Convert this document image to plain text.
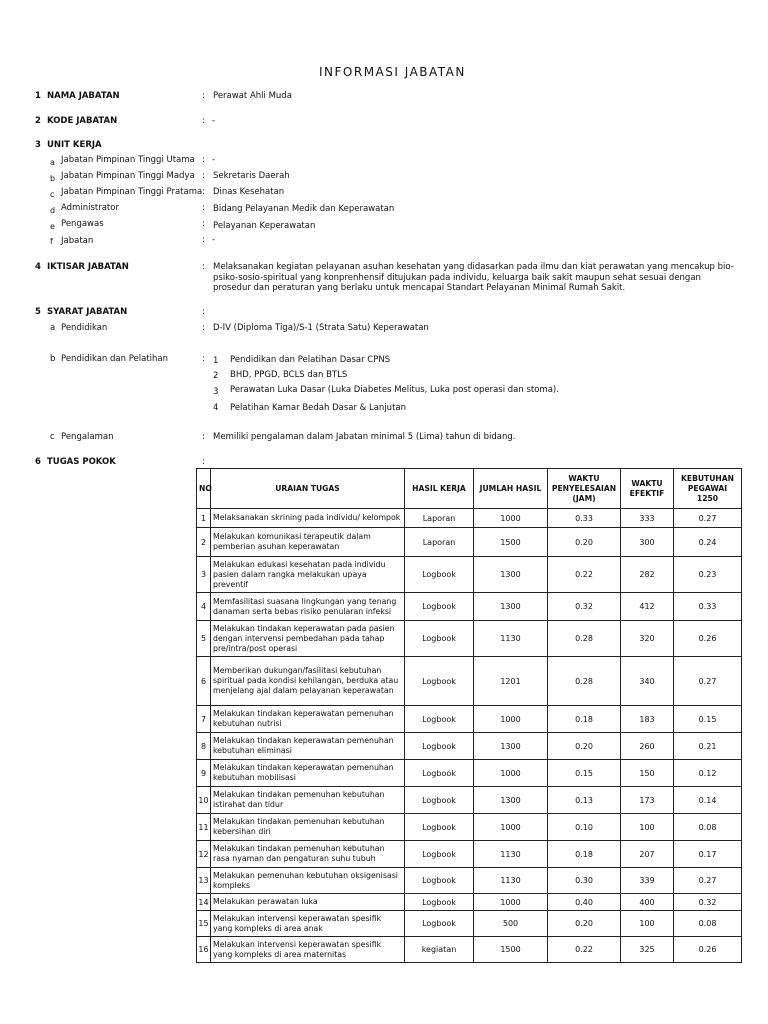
INFORMASI JABATAN
1 NAMA JABATAN	: Perawat Ahli Muda
2 KODE JABATAN	: -
3 UNIT KERJA
a Jabatan Pimpinan Tinggi Utama : -
b Jabatan Pimpinan Tinggi Madya : Sekretaris Daerah
c Jabatan Pimpinan Tinggi Pratama : Dinas Kesehatan
d Administrator	: Bidang Pelayanan Medik dan Keperawatan
e Pengawas	: Pelayanan Keperawatan
f Jabatan	: -
4 IKTISAR JABATAN	: Melaksanakan kegiatan pelayanan asuhan kesehatan yang didasarkan pada ilmu dan kiat perawatan yang mencakup bio-psiko-sosio-spiritual yang konprenhensif ditujukan pada individu, keluarga baik sakit maupun sehat sesuai dengan prosedur dan peraturan yang berlaku untuk mencapai Standart Pelayanan Minimal Rumah Sakit.
5 SYARAT JABATAN	:
a Pendidikan	: D-IV (Diploma Tiga)/S-1 (Strata Satu) Keperawatan
b Pendidikan dan Pelatihan	: 1 Pendidikan dan Pelatihan Dasar CPNS
2 BHD, PPGD, BCLS dan BTLS
3 Perawatan Luka Dasar (Luka Diabetes Melitus, Luka post operasi dan stoma).
4 Pelatihan Kamar Bedah Dasar & Lanjutan
c Pengalaman	: Memiliki pengalaman dalam Jabatan minimal 5 (Lima) tahun di bidang.
6 TUGAS POKOK	:
NO	URAIAN TUGAS	HASIL KERJA	JUMLAH HASIL	WAKTU PENYELESAIAN (JAM)	WAKTU EFEKTIF	KEBUTUHAN PEGAWAI 1250
1	Melaksanakan skrining pada individu/ kelompok	Laporan	1000	0.33	333	0.27
2	Melakukan komunikasi terapeutik dalam pemberian asuhan keperawatan	Laporan	1500	0.20	300	0.24
3	Melakukan edukasi kesehatan pada individu pasien dalam rangka melakukan upaya preventif	Logbook	1300	0.22	282	0.23
4	Memfasilitasi suasana lingkungan yang tenang danaman serta bebas risiko penularan infeksi	Logbook	1300	0.32	412	0.33
5	Melakukan tindakan keperawatan pada pasien dengan intervensi pembedahan pada tahap pre/intra/post operasi	Logbook	1130	0.28	320	0.26
6	Memberikan dukungan/fasilitasi kebutuhan spiritual pada kondisi kehilangan, berduka atau menjelang ajal dalam pelayanan keperawatan	Logbook	1201	0.28	340	0.27
7	Melakukan tindakan keperawatan pemenuhan kebutuhan nutrisi	Logbook	1000	0.18	183	0.15
8	Melakukan tindakan keperawatan pemenuhan kebutuhan eliminasi	Logbook	1300	0.20	260	0.21
9	Melakukan tindakan keperawatan pemenuhan kebutuhan mobilisasi	Logbook	1000	0.15	150	0.12
10	Melakukan tindakan pemenuhan kebutuhan istirahat dan tidur	Logbook	1300	0.13	173	0.14
11	Melakukan tindakan pemenuhan kebutuhan kebersihan diri	Logbook	1000	0.10	100	0.08
12	Melakukan tindakan pemenuhan kebutuhan rasa nyaman dan pengaturan suhu tubuh	Logbook	1130	0.18	207	0.17
13	Melakukan pemenuhan kebutuhan oksigenisasi kompleks	Logbook	1130	0.30	339	0.27
14	Melakukan perawatan luka	Logbook	1000	0.40	400	0.32
15	Melakukan intervensi keperawatan spesifik yang kompleks di area anak	Logbook	500	0.20	100	0.08
16	Melakukan intervensi keperawatan spesifik yang kompleks di area maternitas	kegiatan	1500	0.22	325	0.26
